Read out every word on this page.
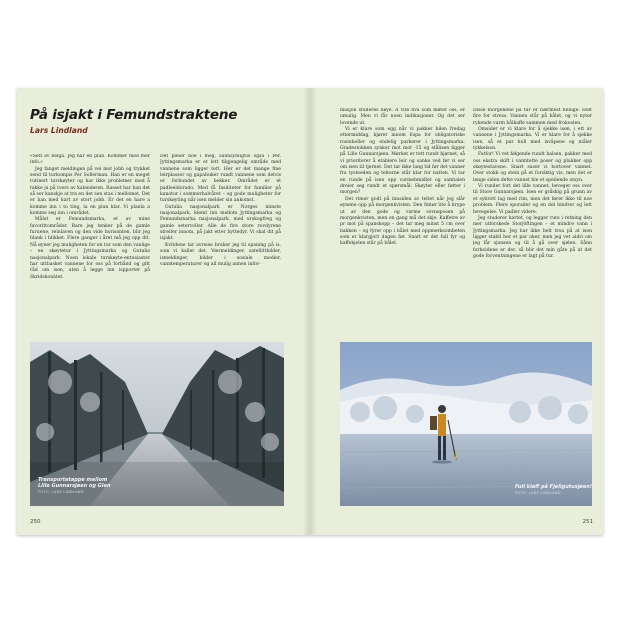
På isjakt i Femundstraktene
Lars Lindland

«Sett av helga. Jeg har en plan. Kommer med mer info.»

Jeg fanget meldingen på vei mot jobb og trykket send til turkompis Per Sollerman. Han er en meget rutinert turskøyter og har ikke problemer med å takke ja på tvers av kalenderen. Rasset har ban det så ser kanskje at tra en det sen stas i mellomet. Det er han med kart av stort jobb. Er det en hare a komme inn i to ting, la en plan klar. Vi planla a komme seg inn i området.

Målet er Femundsmarka, et av mine favorittområder. Bare jeg tenker på de gamle furuene, reinlaven og den vide horisonten, blir jeg blank i blikket. Flere ganger i året må jeg opp dit. Nå øyner jeg muligheten for en tur som den vanlige – en skøytetur i Jyttingsmarka og Gutulia nasjonalpark. Noen lokale turskøyte-entusiaster har uttbasket vannene for oss på forhånd og gitt råd om isen, uten å legge inn ispporter på Skridskonätet.

Det pleier noe i meg, sannsynligvis også i Per. Jyttingsmarka er et lett tilgjengelig område med vannene som ligger tett. Her er det mange fine leirplasser og gapahuker rundt vannene som delvis er forbundet av bekker. Området er et padleeldorado. Med få fasiliteter for familier på kanotur i sommerhalvåret – og gode muligheter for turskøyting når isen melder sin ankomst.

Gutulia nasjonalpark er Norges minste nasjonalpark, klemt inn mellom Jyttingsmarka og Femundsmarka nasjonalpark, med urskogfreg og gamle setervoller. Alle de fire store rovdyrene streifer innom, på jakt etter byttedyr. Vi skal dit på isjakt.

Kvitdene tar avreise bruker jeg til spaning på is. som vi kaller det. Værmeldinger, satellittbilder, ismeldinger, bilder i sosiale medier, vanntemperaturer og all mulig annen infor-

Transportetappe mellom
Lille Gunnarsjøen og Glen
FOTO: LARS LINDLAND
250

masjon studeres nøye. Å vite hva som møter oss, er umulig. Men vi får noen indikasjoner. Og det ser lovende ut.

Vi er klare som egg når vi pakker bilen fredag ettermiddag, kjører innom Espa for obligatoriske rosinboller og endelig parkerer i Jyttingsmarka. Gradestokken synker mot mot -15 og stålisen ligger på Lille Gunnarsjøen. Mørket er tett rundt hjørnet, så vi prioriterer å etablere leir og sanke ved før vi ser om isen til tjernet. Det tar ikke lang tid før det vanner fra tysteeden og telterne står klar for natten. Vi tar en runde på isen opp varmebmidlet og samtalen dreier seg rundt et spørsmål: Skøyter eller føtter i morgen?

Det rimer godt på innsiden av teltet når jeg slår øynene opp på morgenkvisten. Den fintør lite å krype ut av den gode og varme sovneposen på morgenkvisten, men en gang må det skje. Kaffetre av pr mot på spanskopp – det tar meg minst 5 cm over bakken – og fyrer opp i bålet med oppmerksomheten som er klargjort dagen før. Snart er det full fyr og kaffekjelen står på bålet.

Disse morgenene på tur er nærmest hellige. Helt fire for stress. Vannen står på bålet, og vi nyter rykende varm bålkaffe sammen med frokosten.

Omsider er vi klare for å sjekke isen, i ett av vannene i Jyttingsmarka. Vi er klare for å sjekke isen, så et par hull med isvåpene og måler tykkelsen.

Fatfor! Vi vet følgende rundt halsen, pakker med oss ekstra skift i vanntette poser og plukker opp skøytestavene. Snart suser vi bortover vannet. Over stokk og stein på et forsiktig vis, men det er lenge siden dette vannet ble et speilende utsyn.

Vi runder fort det lille vannet, beveger oss over til Store Gunnarsjøen. Isen er gråskig på grunn av et sybrott lag med rim, men det fører ikke til noe problem. Flere sporader og en del hindrer og lett bevegelse. Vi padler videre.

Jeg studerer kartet, og legger rute i retning den mer utforskede Storjöftingen – et mindre vann i Jyttingsmarka. Jeg har ikke helt troa på at isen ligger stabil her et par uker, men jeg vet aldri om jeg får sjansen og til å gå over sjølen. Sånn forholdene er der, så blir det min gåte på at det gode forventningene er lagt på tur.

Full klaff på Fjellgutusjøen!
FOTO: LARS LINDLAND
251
